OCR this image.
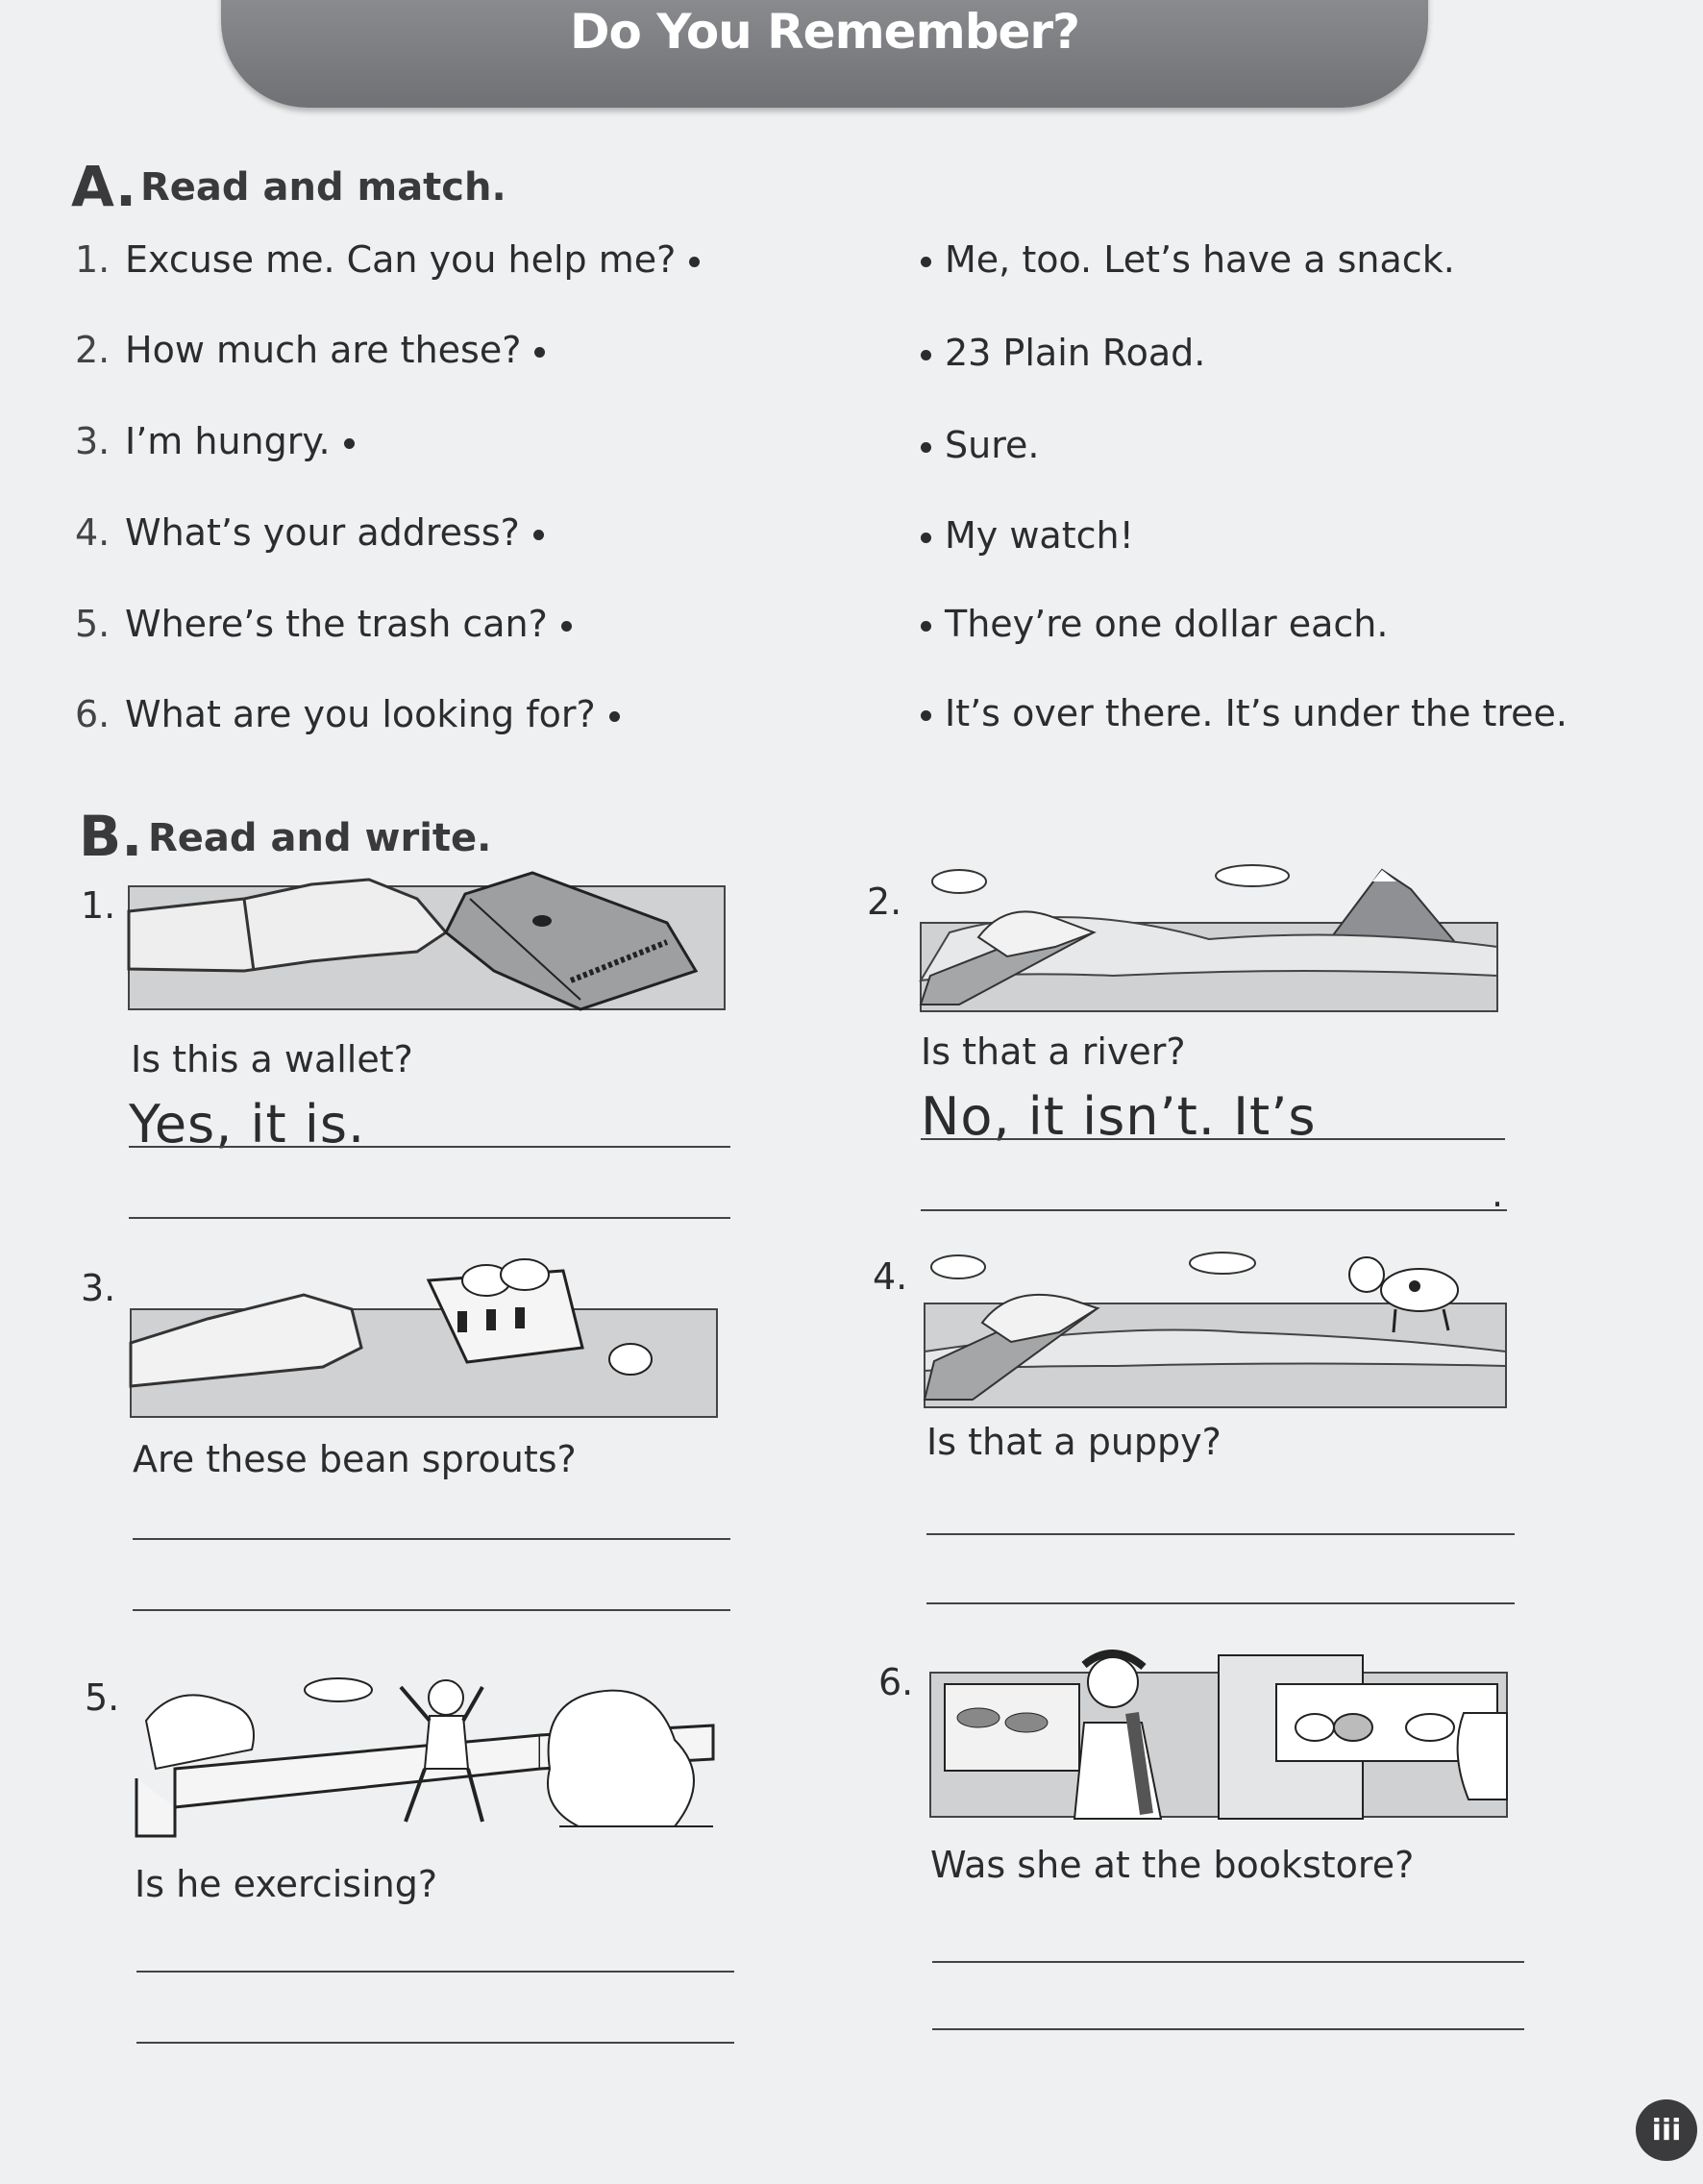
Do You Remember?
A. Read and match.
1. Excuse me. Can you help me?
2. How much are these?
3. I’m hungry.
4. What’s your address?
5. Where’s the trash can?
6. What are you looking for?
Me, too. Let’s have a snack.
23 Plain Road.
Sure.
My watch!
They’re one dollar each.
It’s over there. It’s under the tree.
B. Read and write.
1.
Is this a wallet?
Yes, it is.
2.
Is that a river?
No, it isn’t. It’s
.
3.
Are these bean sprouts?
4.
Is that a puppy?
5.
Is he exercising?
6.
Was she at the bookstore?
iii
